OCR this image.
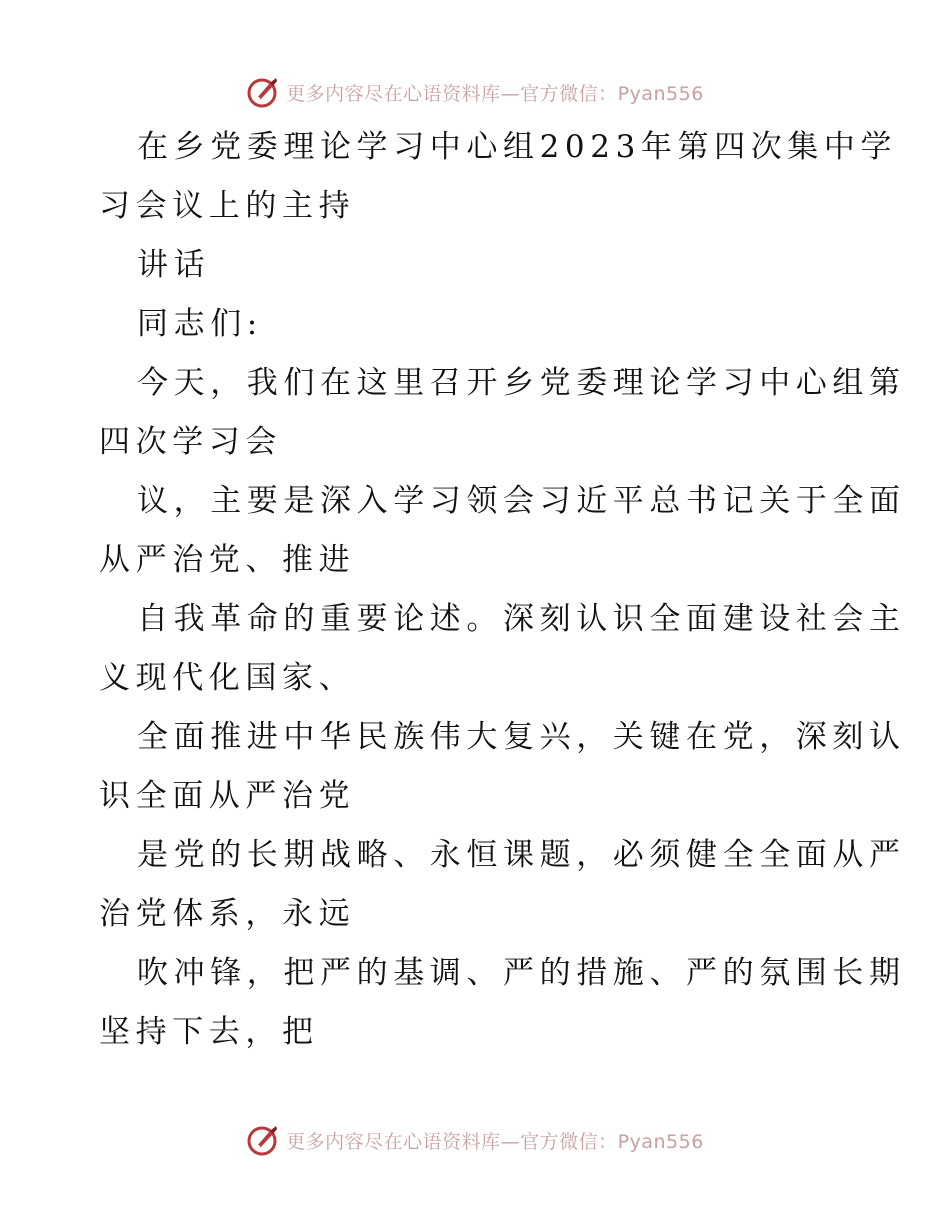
更多内容尽在心语资料库—官方微信：Pyan556
在乡党委理论学习中心组2023年第四次集中学
习会议上的主持
讲话
同志们:
今天，我们在这里召开乡党委理论学习中心组第
四次学习会
议，主要是深入学习领会习近平总书记关于全面
从严治党、推进
自我革命的重要论述。深刻认识全面建设社会主
义现代化国家、
全面推进中华民族伟大复兴，关键在党，深刻认
识全面从严治党
是党的长期战略、永恒课题，必须健全全面从严
治党体系，永远
吹冲锋，把严的基调、严的措施、严的氛围长期
坚持下去，把
更多内容尽在心语资料库—官方微信：Pyan556
